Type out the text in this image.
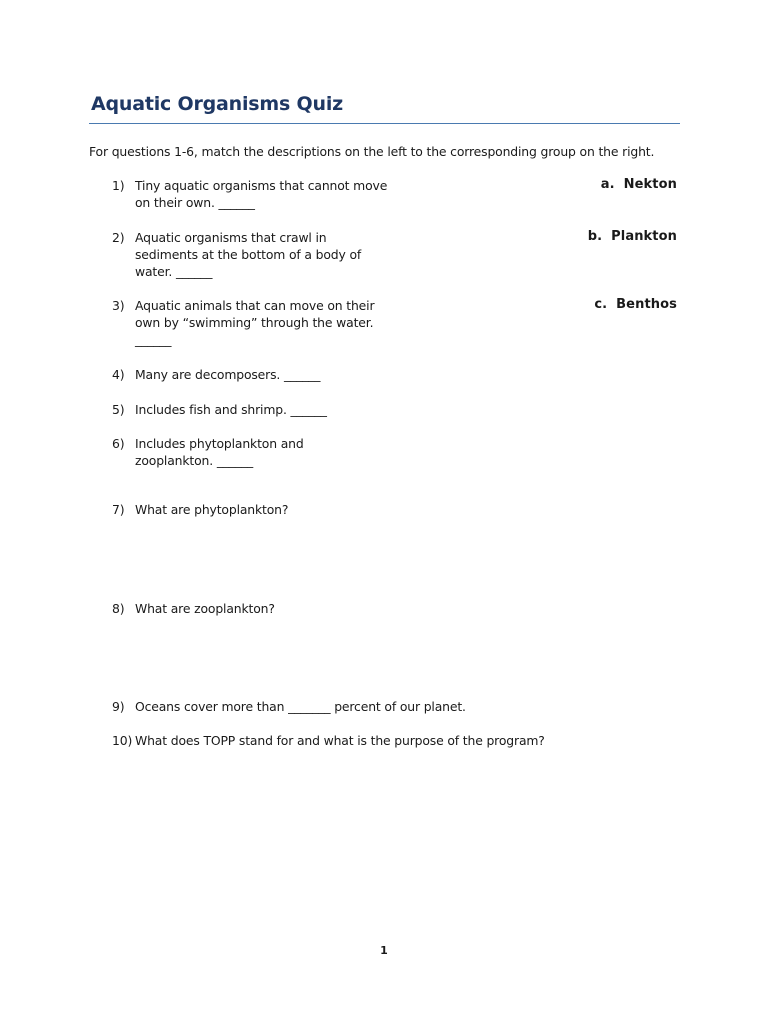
Aquatic Organisms Quiz
For questions 1-6, match the descriptions on the left to the corresponding group on the right.
1) Tiny aquatic organisms that cannot move on their own. ______
a. Nekton
2) Aquatic organisms that crawl in sediments at the bottom of a body of water. ______
b. Plankton
3) Aquatic animals that can move on their own by “swimming” through the water. ______
c. Benthos
4) Many are decomposers. ______
5) Includes fish and shrimp. ______
6) Includes phytoplankton and zooplankton. ______
7) What are phytoplankton?
8) What are zooplankton?
9) Oceans cover more than _______ percent of our planet.
10) What does TOPP stand for and what is the purpose of the program?
1
